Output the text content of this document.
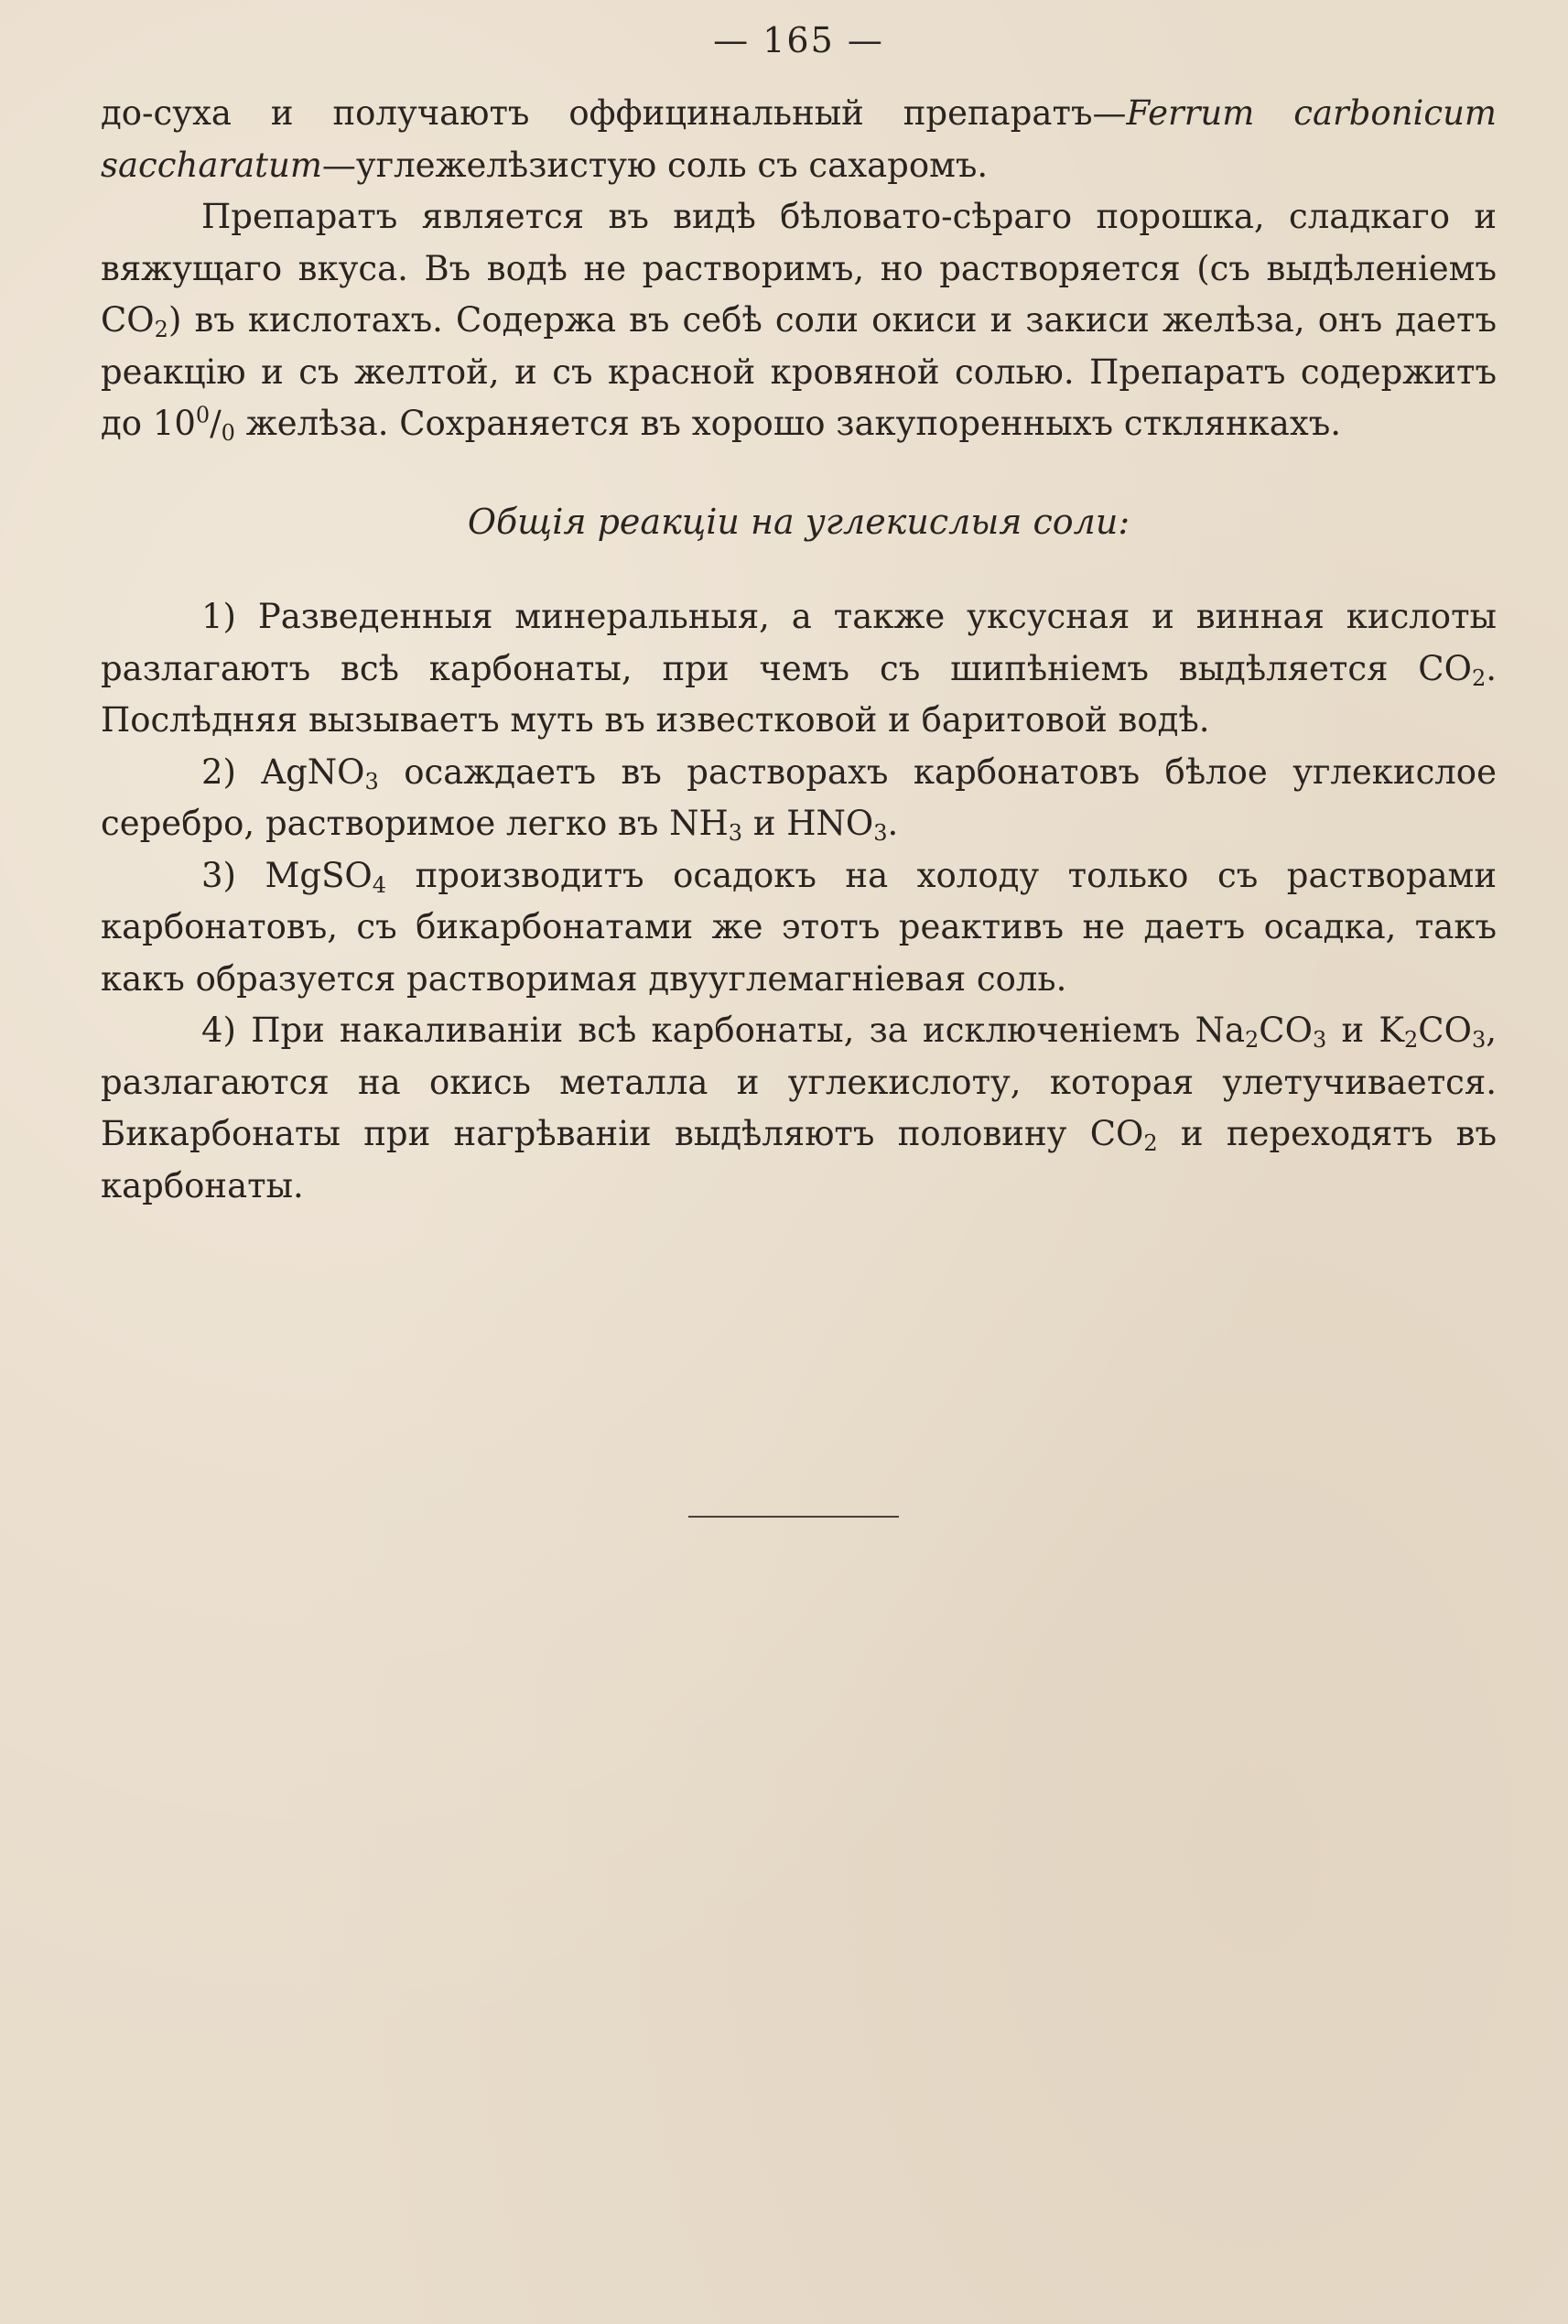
— 165 —

до-суха и получаютъ оффицинальный препаратъ—Ferrum carbonicum saccharatum—углежелѣзистую соль съ сахаромъ.

Препаратъ является въ видѣ бѣловато-сѣраго порошка, сладкаго и вяжущаго вкуса. Въ водѣ не растворимъ, но растворяется (съ выдѣленiемъ $CO_2$) въ кислотахъ. Содержа въ себѣ соли окиси и закиси желѣза, онъ даетъ реакцiю и съ желтой, и съ красной кровяной солью. Препаратъ содержитъ до $10^0/_0$ желѣза. Сохраняется въ хорошо закупоренныхъ стклянкахъ.

Общiя реакцiи на углекислыя соли:

1) Разведенныя минеральныя, а также уксусная и винная кислоты разлагаютъ всѣ карбонаты, при чемъ съ шипѣнiемъ выдѣляется $CO_2$. Послѣдняя вызываетъ муть въ известковой и баритовой водѣ.

2) AgNO$_3$ осаждаетъ въ растворахъ карбонатовъ бѣлое углекислое серебро, растворимое легко въ $NH_3$ и $HNO_3$.

3) MgSO$_4$ производитъ осадокъ на холоду только съ растворами карбонатовъ, съ бикарбонатами же этотъ реактивъ не даетъ осадка, такъ какъ образуется растворимая двууглемагнiевая соль.

4) При накаливанiи всѣ карбонаты, за исключенiемъ $Na_2CO_3$ и $K_2CO_3$, разлагаются на окись металла и углекислоту, которая улетучивается. Бикарбонаты при нагрѣванiи выдѣляютъ половину $CO_2$ и переходятъ въ карбонаты.
